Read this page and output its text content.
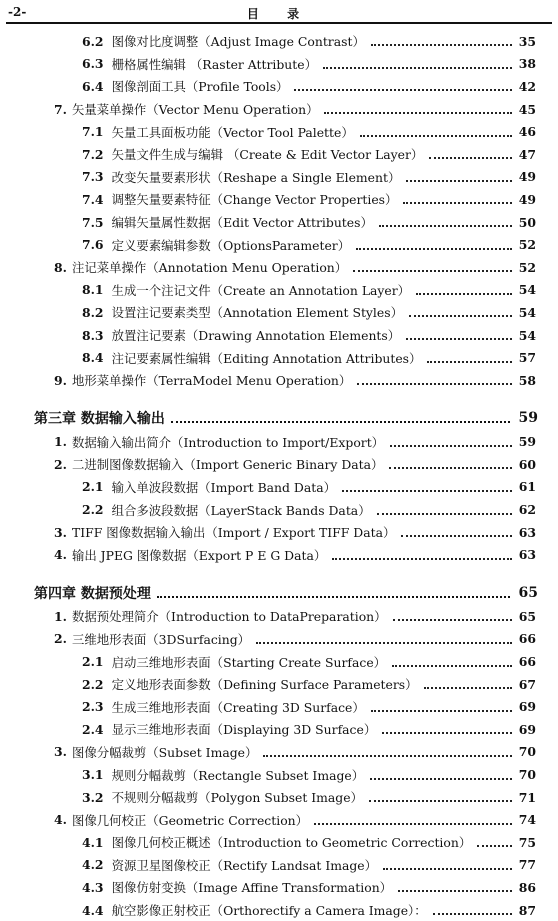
-2-	目 录
6.2 图像对比度调整（Adjust Image Contrast）	35
6.3 栅格属性编辑 （Raster Attribute）	38
6.4 图像剖面工具（Profile Tools）	42
7. 矢量菜单操作（Vector Menu Operation）	45
7.1 矢量工具面板功能（Vector Tool Palette）	46
7.2 矢量文件生成与编辑 （Create & Edit Vector Layer）	47
7.3 改变矢量要素形状（Reshape a Single Element）	49
7.4 调整矢量要素特征（Change Vector Properties）	49
7.5 编辑矢量属性数据（Edit Vector Attributes）	50
7.6 定义要素编辑参数（OptionsParameter）	52
8. 注记菜单操作（Annotation Menu Operation）	52
8.1 生成一个注记文件（Create an Annotation Layer）	54
8.2 设置注记要素类型（Annotation Element Styles）	54
8.3 放置注记要素（Drawing Annotation Elements）	54
8.4 注记要素属性编辑（Editing Annotation Attributes）	57
9. 地形菜单操作（TerraModel Menu Operation）	58
第三章 数据输入输出	59
1. 数据输入输出简介（Introduction to Import/Export）	59
2. 二进制图像数据输入（Import Generic Binary Data）	60
2.1 输入单波段数据（Import Band Data）	61
2.2 组合多波段数据（LayerStack Bands Data）	62
3. TIFF 图像数据输入输出（Import / Export TIFF Data）	63
4. 输出 JPEG 图像数据（Export P E G Data）	63
第四章 数据预处理	65
1. 数据预处理简介（Introduction to DataPreparation）	65
2. 三维地形表面（3DSurfacing）	66
2.1 启动三维地形表面（Starting Create Surface）	66
2.2 定义地形表面参数（Defining Surface Parameters）	67
2.3 生成三维地形表面（Creating 3D Surface）	69
2.4 显示三维地形表面（Displaying 3D Surface）	69
3. 图像分幅裁剪（Subset Image）	70
3.1 规则分幅裁剪（Rectangle Subset Image）	70
3.2 不规则分幅裁剪（Polygon Subset Image）	71
4. 图像几何校正（Geometric Correction）	74
4.1 图像几何校正概述（Introduction to Geometric Correction）	75
4.2 资源卫星图像校正（Rectify Landsat Image）	77
4.3 图像仿射变换（Image Affine Transformation）	86
4.4 航空影像正射校正（Orthorectify a Camera Image）：	87
